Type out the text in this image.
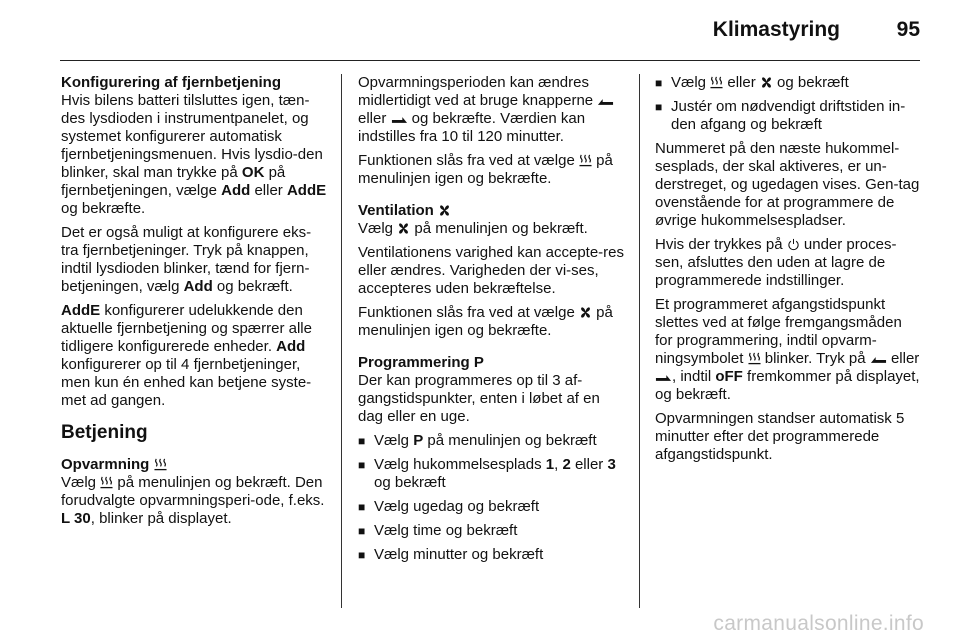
Klimastyring	95

Konfigurering af fjernbetjening

Hvis bilens batteri tilsluttes igen, tæn-des lysdioden i instrumentpanelet, og systemet konfigurerer automatisk fjernbetjeningsmenuen. Hvis lysdio-den blinker, skal man trykke på OK på fjernbetjeningen, vælge Add eller AddE og bekræfte.

Det er også muligt at konfigurere eks-tra fjernbetjeninger. Tryk på knappen, indtil lysdioden blinker, tænd for fjern-betjeningen, vælg Add og bekræft.

AddE konfigurerer udelukkende den aktuelle fjernbetjening og spærrer alle tidligere konfigurerede enheder. Add konfigurerer op til 4 fjernbetjeninger, men kun én enhed kan betjene syste-met ad gangen.

Betjening

Opvarmning

Vælg
på menulinjen og bekræft. Den forudvalgte opvarmningsperi-ode, f.eks. L 30, blinker på displayet.

Opvarmningsperioden kan ændres midlertidigt ved at bruge knapperne
eller
og bekræfte. Værdien kan indstilles fra 10 til 120 minutter.

Funktionen slås fra ved at vælge
på menulinjen igen og bekræfte.

Ventilation

Vælg
på menulinjen og bekræft.

Ventilationens varighed kan accepte-res eller ændres. Varigheden der vi-ses, accepteres uden bekræftelse.

Funktionen slås fra ved at vælge
på menulinjen igen og bekræfte.

Programmering P

Der kan programmeres op til 3 af-gangstidspunkter, enten i løbet af en dag eller en uge.

■ Vælg P på menulinjen og bekræft

■ Vælg hukommelsesplads 1, 2 eller 3 og bekræft

■ Vælg ugedag og bekræft

■ Vælg time og bekræft

■ Vælg minutter og bekræft

■ Vælg
eller
og bekræft

■ Justér om nødvendigt driftstiden in-den afgang og bekræft

Nummeret på den næste hukommel-sesplads, der skal aktiveres, er un-derstreget, og ugedagen vises. Gen-tag ovenstående for at programmere de øvrige hukommelsespladser.

Hvis der trykkes på
under proces-sen, afsluttes den uden at lagre de programmerede indstillinger.

Et programmeret afgangstidspunkt slettes ved at følge fremgangsmåden for programmering, indtil opvarm-ningsymbolet
blinker. Tryk på
eller
, indtil oFF fremkommer på displayet, og bekræft.

Opvarmningen standser automatisk 5 minutter efter det programmerede afgangstidspunkt.

carmanualsonline.info
